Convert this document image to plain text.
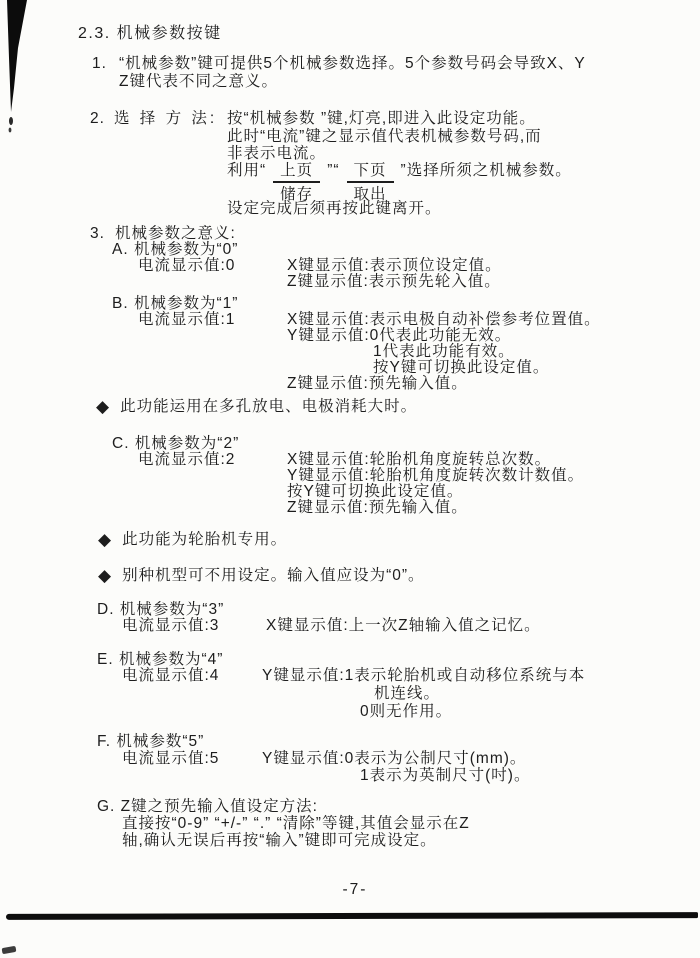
2.3. 机械参数按键
1. “机械参数”键可提供5个机械参数选择。5个参数号码会导致X、Y
Z键代表不同之意义。
2. 选 择 方 法: 按“机械参数 ”键,灯亮,即进入此设定功能。
此时“电流”键之显示值代表机械参数号码,而
非表示电流。
利用“ $\frac{\text{上页}}{\text{储存}}$ ”“ $\frac{\text{下页}}{\text{取出}}$ ”选择所须之机械参数。
设定完成后须再按此键离开。
3. 机械参数之意义:
A. 机械参数为“0”
电流显示值:0	X键显示值:表示顶位设定值。
Z键显示值:表示预先轮入值。
B. 机械参数为“1”
电流显示值:1	X键显示值:表示电极自动补偿参考位置值。
Y键显示值:0代表此功能无效。
1代表此功能有效。
按Y键可切换此设定值。
Z键显示值:预先输入值。
◆ 此功能运用在多孔放电、电极消耗大时。
C. 机械参数为“2”
电流显示值:2	X键显示值:轮胎机角度旋转总次数。
Y键显示值:轮胎机角度旋转次数计数值。
按Y键可切换此设定值。
Z键显示值:预先输入值。
◆ 此功能为轮胎机专用。
◆ 别种机型可不用设定。输入值应设为“0”。
D. 机械参数为“3”
电流显示值:3	X键显示值:上一次Z轴输入值之记忆。
E. 机械参数为“4”
电流显示值:4	Y键显示值:1表示轮胎机或自动移位系统与本
机连线。
0则无作用。
F. 机械参数“5”
电流显示值:5	Y键显示值:0表示为公制尺寸(mm)。
1表示为英制尺寸(吋)。
G. Z键之预先输入值设定方法:
直接按“0-9” “+/-” “.” “清除”等键,其值会显示在Z
轴,确认无误后再按“输入”键即可完成设定。
-7-
